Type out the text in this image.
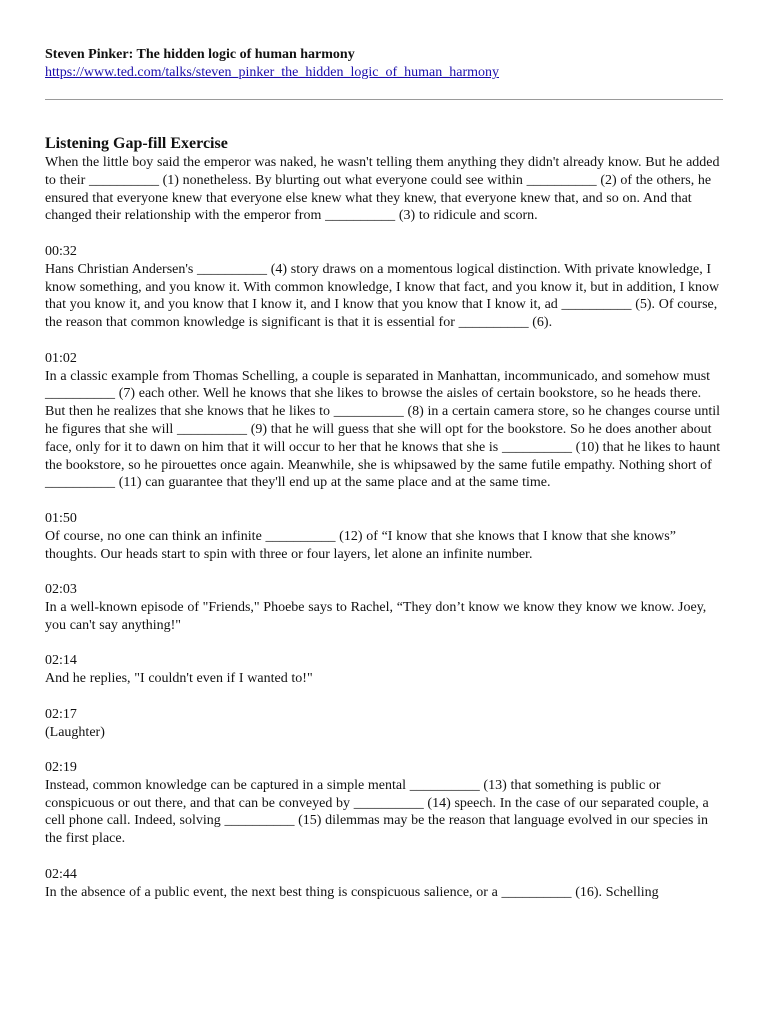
Steven Pinker: The hidden logic of human harmony
https://www.ted.com/talks/steven_pinker_the_hidden_logic_of_human_harmony
Listening Gap-fill Exercise

When the little boy said the emperor was naked, he wasn't telling them anything they didn't already know. But he added to their __________ (1) nonetheless. By blurting out what everyone could see within __________ (2) of the others, he ensured that everyone knew that everyone else knew what they knew, that everyone knew that, and so on. And that changed their relationship with the emperor from __________ (3) to ridicule and scorn.

00:32

Hans Christian Andersen's __________ (4) story draws on a momentous logical distinction. With private knowledge, I know something, and you know it. With common knowledge, I know that fact, and you know it, but in addition, I know that you know it, and you know that I know it, and I know that you know that I know it, ad __________ (5). Of course, the reason that common knowledge is significant is that it is essential for __________ (6).

01:02

In a classic example from Thomas Schelling, a couple is separated in Manhattan, incommunicado, and somehow must __________ (7) each other. Well he knows that she likes to browse the aisles of certain bookstore, so he heads there. But then he realizes that she knows that he likes to __________ (8) in a certain camera store, so he changes course until he figures that she will __________ (9) that he will guess that she will opt for the bookstore. So he does another about face, only for it to dawn on him that it will occur to her that he knows that she is __________ (10) that he likes to haunt the bookstore, so he pirouettes once again. Meanwhile, she is whipsawed by the same futile empathy. Nothing short of __________ (11) can guarantee that they'll end up at the same place and at the same time.

01:50

Of course, no one can think an infinite __________ (12) of “I know that she knows that I know that she knows” thoughts. Our heads start to spin with three or four layers, let alone an infinite number.

02:03

In a well-known episode of "Friends," Phoebe says to Rachel, “They don’t know we know they know we know. Joey, you can't say anything!"

02:14

And he replies, "I couldn't even if I wanted to!"

02:17

(Laughter)

02:19

Instead, common knowledge can be captured in a simple mental __________ (13) that something is public or conspicuous or out there, and that can be conveyed by __________ (14) speech. In the case of our separated couple, a cell phone call. Indeed, solving __________ (15) dilemmas may be the reason that language evolved in our species in the first place.

02:44

In the absence of a public event, the next best thing is conspicuous salience, or a __________ (16). Schelling
